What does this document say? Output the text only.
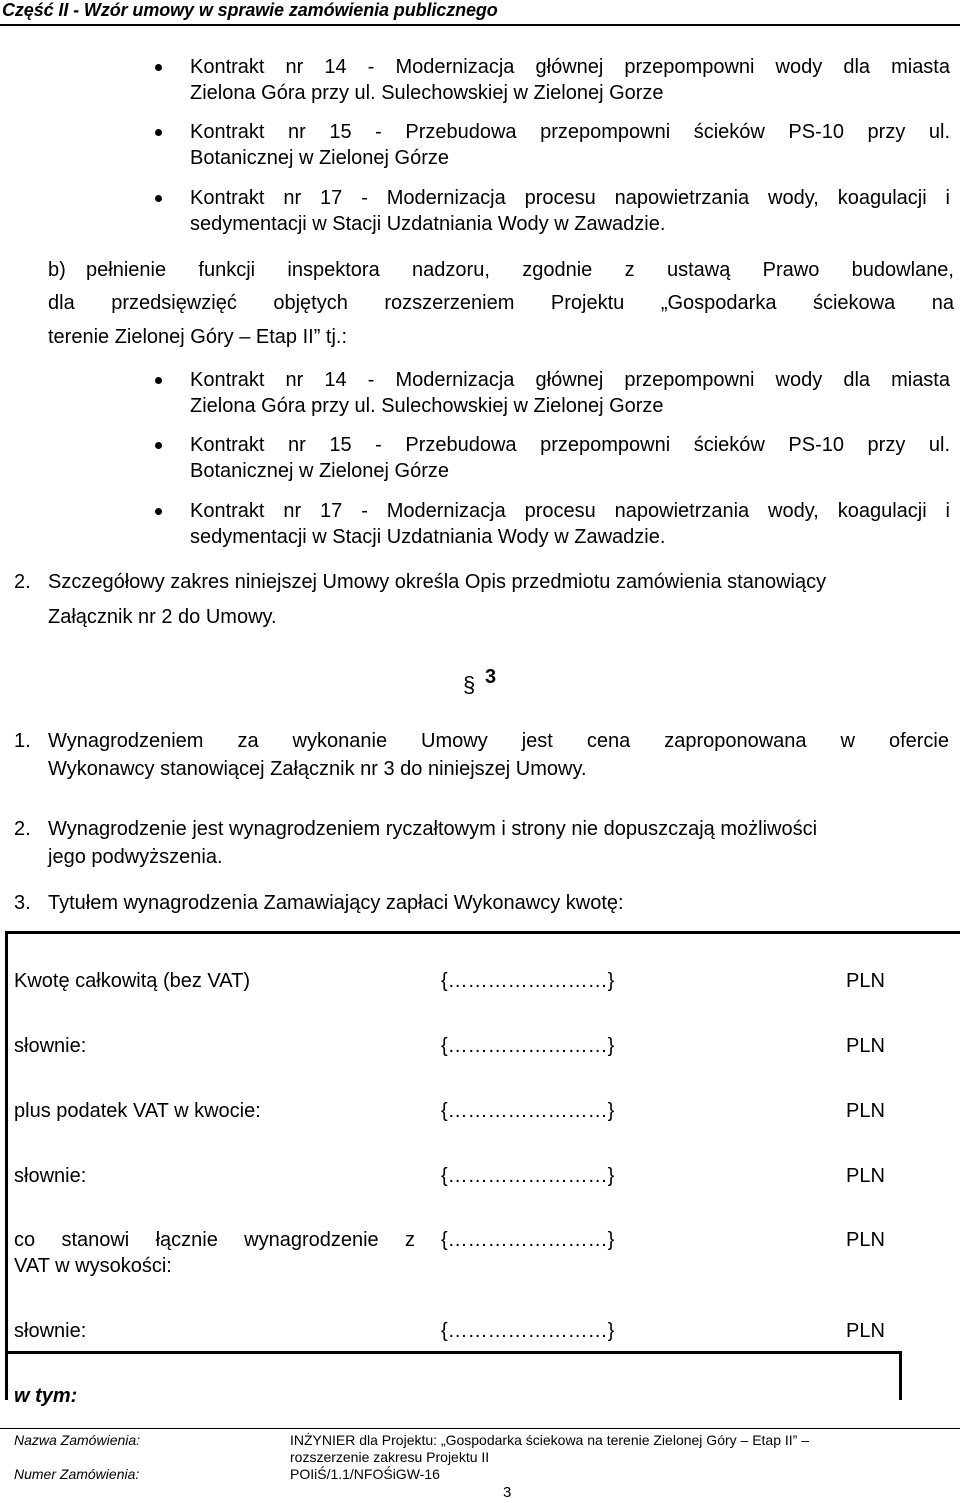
Część II - Wzór umowy w sprawie zamówienia publicznego
Kontrakt nr 14 - Modernizacja głównej przepompowni wody dla miasta
Zielona Góra przy ul. Sulechowskiej w Zielonej Gorze
Kontrakt nr 15 - Przebudowa przepompowni ścieków PS-10 przy ul.
Botanicznej w Zielonej Górze
Kontrakt nr 17 - Modernizacja procesu napowietrzania wody, koagulacji i
sedymentacji w Stacji Uzdatniania Wody w Zawadzie.
b) pełnienie funkcji inspektora nadzoru, zgodnie z ustawą Prawo budowlane,
dla przedsięwzięć objętych rozszerzeniem Projektu „Gospodarka ściekowa na
terenie Zielonej Góry – Etap II” tj.:
Kontrakt nr 14 - Modernizacja głównej przepompowni wody dla miasta
Zielona Góra przy ul. Sulechowskiej w Zielonej Gorze
Kontrakt nr 15 - Przebudowa przepompowni ścieków PS-10 przy ul.
Botanicznej w Zielonej Górze
Kontrakt nr 17 - Modernizacja procesu napowietrzania wody, koagulacji i
sedymentacji w Stacji Uzdatniania Wody w Zawadzie.
2. Szczegółowy zakres niniejszej Umowy określa Opis przedmiotu zamówienia stanowiący
Załącznik nr 2 do Umowy.
§ 3
1. Wynagrodzeniem za wykonanie Umowy jest cena zaproponowana w ofercie
Wykonawcy stanowiącej Załącznik nr 3 do niniejszej Umowy.
2. Wynagrodzenie jest wynagrodzeniem ryczałtowym i strony nie dopuszczają możliwości
jego podwyższenia.
3. Tytułem wynagrodzenia Zamawiający zapłaci Wykonawcy kwotę:
Kwotę całkowitą (bez VAT)	{……………………}	PLN
słownie:	{……………………}	PLN
plus podatek VAT w kwocie:	{……………………}	PLN
słownie:	{……………………}	PLN
co stanowi łącznie wynagrodzenie z
VAT w wysokości:
{……………………}	PLN
słownie:	{……………………}	PLN
w tym:
Nazwa Zamówienia:	INŻYNIER dla Projektu: „Gospodarka ściekowa na terenie Zielonej Góry – Etap II” –
rozszerzenie zakresu Projektu II
Numer Zamówienia:	POIiŚ/1.1/NFOŚiGW-16
3
